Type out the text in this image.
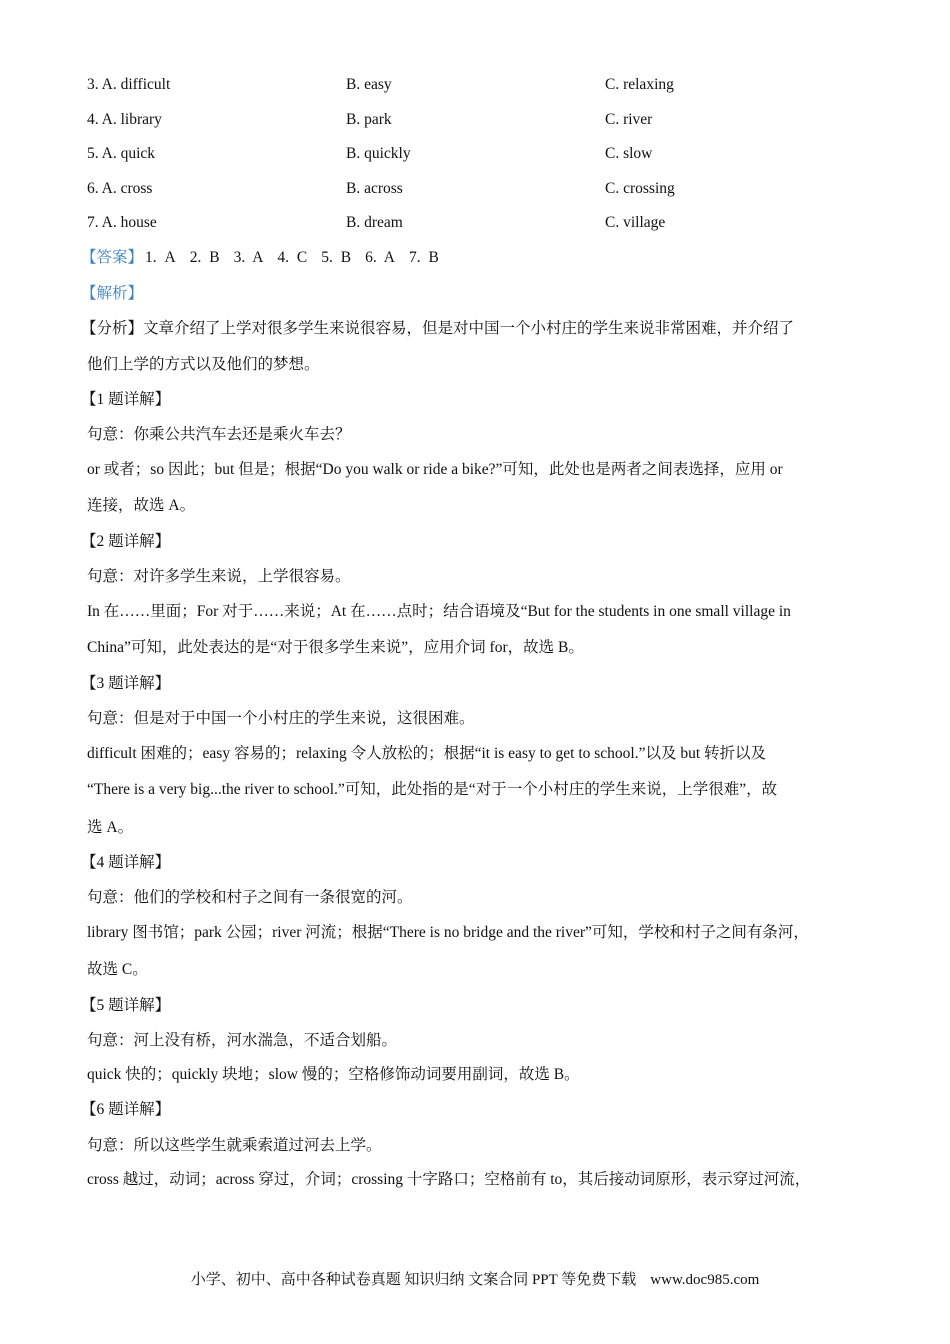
3. A. difficult	B. easy	C. relaxing
4. A. library	B. park	C. river
5. A. quick	B. quickly	C. slow
6. A. cross	B. across	C. crossing
7. A. house	B. dream	C. village
【答案】 1. A 2. B 3. A 4. C 5. B 6. A 7. B
【解析】
【分析】文章介绍了上学对很多学生来说很容易，但是对中国一个小村庄的学生来说非常困难，并介绍了
他们上学的方式以及他们的梦想。
【1 题详解】
句意：你乘公共汽车去还是乘火车去？
or 或者；so 因此；but 但是；根据“Do you walk or ride a bike?”可知，此处也是两者之间表选择，应用 or
连接，故选 A。
【2 题详解】
句意：对许多学生来说，上学很容易。
In 在……里面；For 对于……来说；At 在……点时；结合语境及“But for the students in one small village in
China”可知，此处表达的是“对于很多学生来说”，应用介词 for，故选 B。
【3 题详解】
句意：但是对于中国一个小村庄的学生来说，这很困难。
difficult 困难的；easy 容易的；relaxing 令人放松的；根据“it is easy to get to school.”以及 but 转折以及
“There is a very big...the river to school.”可知，此处指的是“对于一个小村庄的学生来说，上学很难”，故
选 A。
【4 题详解】
句意：他们的学校和村子之间有一条很宽的河。
library 图书馆；park 公园；river 河流；根据“There is no bridge and the river”可知，学校和村子之间有条河，
故选 C。
【5 题详解】
句意：河上没有桥，河水湍急，不适合划船。
quick 快的；quickly 块地；slow 慢的；空格修饰动词要用副词，故选 B。
【6 题详解】
句意：所以这些学生就乘索道过河去上学。
cross 越过，动词；across 穿过，介词；crossing 十字路口；空格前有 to，其后接动词原形，表示穿过河流，
小学、初中、高中各种试卷真题 知识归纳 文案合同 PPT 等免费下载 www.doc985.com
